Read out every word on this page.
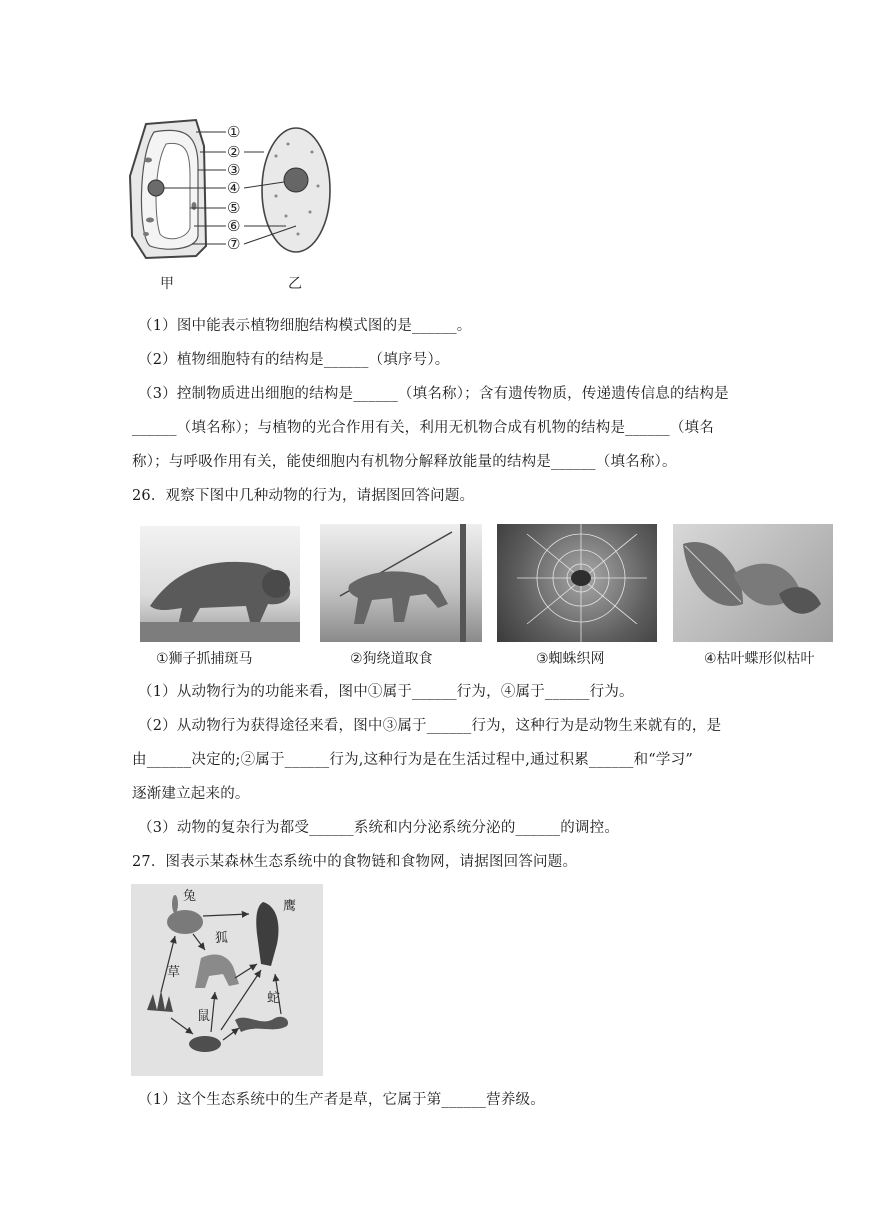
①
②
③
④
⑤
⑥
⑦
甲	乙
（1）图中能表示植物细胞结构模式图的是______。
（2）植物细胞特有的结构是______（填序号）。
（3）控制物质进出细胞的结构是______（填名称）；含有遗传物质，传递遗传信息的结构是
______（填名称）；与植物的光合作用有关，利用无机物合成有机物的结构是______（填名
称）；与呼吸作用有关，能使细胞内有机物分解释放能量的结构是______（填名称）。
26．观察下图中几种动物的行为，请据图回答问题。
①狮子抓捕斑马	②狗绕道取食	③蜘蛛织网	④枯叶蝶形似枯叶
（1）从动物行为的功能来看，图中①属于______行为，④属于______行为。
（2）从动物行为获得途径来看，图中③属于______行为，这种行为是动物生来就有的，是
由______决定的;②属于______行为,这种行为是在生活过程中,通过积累______和“学习”
逐渐建立起来的。
（3）动物的复杂行为都受______系统和内分泌系统分泌的______的调控。
27．图表示某森林生态系统中的食物链和食物网，请据图回答问题。
兔
鹰
狐
草
鼠
蛇
（1）这个生态系统中的生产者是草，它属于第______营养级。
